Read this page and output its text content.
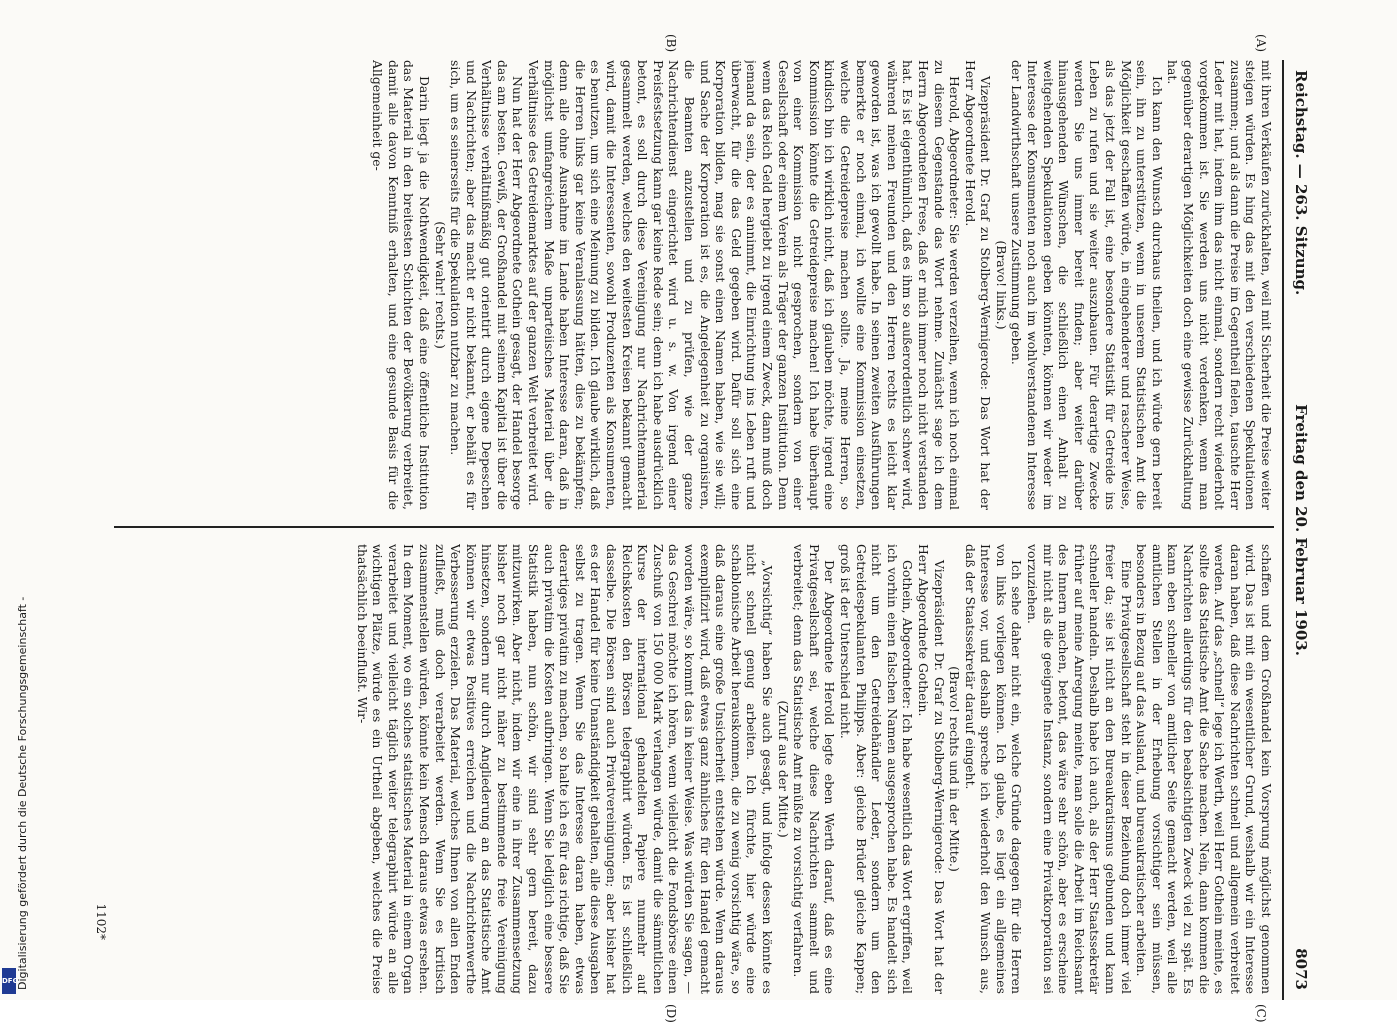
Digitalisierung gefördert durch die Deutsche Forschungsgemeinschaft -
DFG
Reichstag. — 263. Sitzung.
Freitag den 20. Februar 1903.
8073
(A)
(B)
(C)
(D)

mit ihren Verkäufen zurückhalten, weil mit Sicherheit die Preise weiter steigen würden. Es hing das mit den verschiedenen Spekulationen zusammen; und als dann die Preise im Gegentheil fielen, tauschte Herr Leder mit hat, indem ihm das nicht einmal, sondern recht wiederholt vorgekommen ist. Sie werden uns nicht verdenken, wenn man gegenüber derartigen Möglichkeiten doch eine gewisse Zurückhaltung hat.

Ich kann den Wunsch durchaus theilen, und ich würde gern bereit sein, ihn zu unterstützen, wenn in unserem Statistischen Amt die Möglichkeit geschaffen würde, in eingehenderer und rascherer Weise, als das jetzt der Fall ist, eine besondere Statistik für Getreide ins Leben zu rufen und sie weiter auszubauen. Für derartige Zwecke werden Sie uns immer bereit finden; aber weiter darüber hinausgehenden Wünschen, die schließlich einen Anhalt zu weitgehenden Spekulationen geben könnten, können wir weder im Interesse der Konsumenten noch auch im wohlverstandenen Interesse der Landwirthschaft unsere Zustimmung geben.

(Bravo! links.)

Vizepräsident Dr. Graf zu Stolberg-Wernigerode: Das Wort hat der Herr Abgeordnete Herold.

Herold, Abgeordneter: Sie werden verzeihen, wenn ich noch einmal zu diesem Gegenstande das Wort nehme. Zunächst sage ich dem Herrn Abgeordneten Frese, daß er mich immer noch nicht verstanden hat. Es ist eigenthümlich, daß es ihm so außerordentlich schwer wird, während meinen Freunden und den Herren rechts es leicht klar geworden ist, was ich gewollt habe. In seinen zweiten Ausführungen bemerkte er noch einmal, ich wollte eine Kommission einsetzen, welche die Getreidepreise machen sollte. Ja, meine Herren, so kindisch bin ich wirklich nicht, daß ich glauben möchte, irgend eine Kommission könnte die Getreidepreise machen! Ich habe überhaupt von einer Kommission nicht gesprochen, sondern von einer Gesellschaft oder einem Verein als Träger der ganzen Institution. Denn wenn das Reich Geld hergiebt zu irgend einem Zweck, dann muß doch jemand da sein, der es annimmt, die Einrichtung ins Leben ruft und überwacht, für die das Geld gegeben wird. Dafür soll sich eine Korporation bilden, mag sie sonst einen Namen haben, wie sie will; und Sache der Korporation ist es, die Angelegenheit zu organisiren, die Beamten anzustellen und zu prüfen, wie der ganze Nachrichtendienst eingerichtet wird u. s. w. Von irgend einer Preisfestsetzung kann gar keine Rede sein; denn ich habe ausdrücklich betont, es soll durch diese Vereinigung nur Nachrichtenmaterial gesammelt werden, welches den weitesten Kreisen bekannt gemacht wird, damit die Interessenten, sowohl Produzenten als Konsumenten, es benutzen, um sich eine Meinung zu bilden. Ich glaube wirklich, daß die Herren links gar keine Veranlassung hätten, dies zu bekämpfen; denn alle ohne Ausnahme im Lande haben Interesse daran, daß in möglichst umfangreichem Maße unparteiisches Material über die Verhältnisse des Getreidemarktes auf der ganzen Welt verbreitet wird.

Nun hat der Herr Abgeordnete Gothein gesagt, der Handel besorge das am besten. Gewiß, der Großhandel mit seinem Kapital ist über die Verhältnisse verhältnißmäßig gut orientirt durch eigene Depeschen und Nachrichten; aber das macht er nicht bekannt, er behält es für sich, um es seinerseits für die Spekulation nutzbar zu machen.

(Sehr wahr! rechts.)

Darin liegt ja die Nothwendigkeit, daß eine öffentliche Institution das Material in den breitesten Schichten der Bevölkerung verbreitet, damit alle davon Kenntniß erhalten, und eine gesunde Basis für die Allgemeinheit ge-

schaffen und dem Großhandel kein Vorsprung möglichst genommen wird. Das ist mit ein wesentlicher Grund, weshalb wir ein Interesse daran haben, daß diese Nachrichten schnell und allgemein verbreitet werden. Auf das „schnell“ lege ich Werth, weil Herr Gothein meinte, es sollte das Statistische Amt die Sache machen. Nein, dann kommen die Nachrichten allerdings für den beabsichtigten Zweck viel zu spät. Es kann eben schneller von amtlicher Seite gemacht werden, weil alle amtlichen Stellen in der Erhebung vorsichtiger sein müssen, besonders in Bezug auf das Ausland, und bureaukratischer arbeiten.

Eine Privatgesellschaft steht in dieser Beziehung doch immer viel freier da; sie ist nicht an den Bureaukratismus gebunden und kann schneller handeln. Deshalb habe ich auch, als der Herr Staatssekretär früher auf meine Anregung meinte, man solle die Arbeit im Reichsamt des Innern machen, betont, das wäre sehr schön, aber es erscheine mir nicht als die geeignete Instanz, sondern eine Privatkorporation sei vorzuziehen.

Ich sehe daher nicht ein, welche Gründe dagegen für die Herren von links vorliegen können. Ich glaube, es liegt ein allgemeines Interesse vor, und deshalb spreche ich wiederholt den Wunsch aus, daß der Staatssekretär darauf eingeht.

(Bravo! rechts und in der Mitte.)

Vizepräsident Dr. Graf zu Stolberg-Wernigerode: Das Wort hat der Herr Abgeordnete Gothein.

Gothein, Abgeordneter: Ich habe wesentlich das Wort ergriffen, weil ich vorhin einen falschen Namen ausgesprochen habe. Es handelt sich nicht um den Getreidehändler Leder, sondern um den Getreidespekulanten Philipps. Aber: gleiche Brüder gleiche Kappen; groß ist der Unterschied nicht.

Der Abgeordnete Herold legte eben Werth darauf, daß es eine Privatgesellschaft sei, welche diese Nachrichten sammelt und verbreitet; denn das Statistische Amt müßte zu vorsichtig verfahren.

(Zuruf aus der Mitte.)

„Vorsichtig“ haben Sie auch gesagt, und infolge dessen könnte es nicht schnell genug arbeiten. Ich fürchte, hier würde eine schablonische Arbeit herauskommen, die zu wenig vorsichtig wäre, so daß daraus eine große Unsicherheit entstehen würde. Wenn daraus exemplifizirt wird, daß etwas ganz ähnliches für den Handel gemacht worden wäre, so kommt das in keiner Weise. Was würden Sie sagen, — das Geschrei möchte ich hören, wenn vielleicht die Fondsbörse einen Zuschuß von 150 000 Mark verlangen würde, damit die sämmtlichen Kurse der international gehandelten Papiere nunmehr auf Reichskosten den Börsen telegraphirt würden. Es ist schließlich dasselbe. Die Börsen sind auch Privatvereinigungen; aber bisher hat es der Handel für keine Unanständigkeit gehalten, alle diese Ausgaben selbst zu tragen. Wenn Sie das Interesse daran haben, etwas derartiges privatim zu machen, so halte ich es für das richtige, daß Sie auch privatim die Kosten aufbringen. Wenn Sie lediglich eine bessere Statistik haben, nun schön, wir sind sehr gern bereit, dazu mitzuwirken. Aber nicht, indem wir eine in ihrer Zusammensetzung bisher noch gar nicht näher zu bestimmende freie Vereinigung hinsetzen, sondern nur durch Angliederung an das Statistische Amt können wir etwas Positives erreichen und die Nachrichtenwerthe Verbesserung erzielen. Das Material, welches Ihnen von allen Enden zufließt, muß doch verarbeitet werden. Wenn Sie es kritisch zusammenstellen würden, könnte kein Mensch daraus etwas ersehen. In dem Moment, wo ein solches statistisches Material in einem Organ verarbeitet und vielleicht täglich weiter telegraphirt würde an alle wichtigen Plätze, würde es ein Urtheil abgeben, welches die Preise thatsächlich beeinflußt. Wir-

1102*
